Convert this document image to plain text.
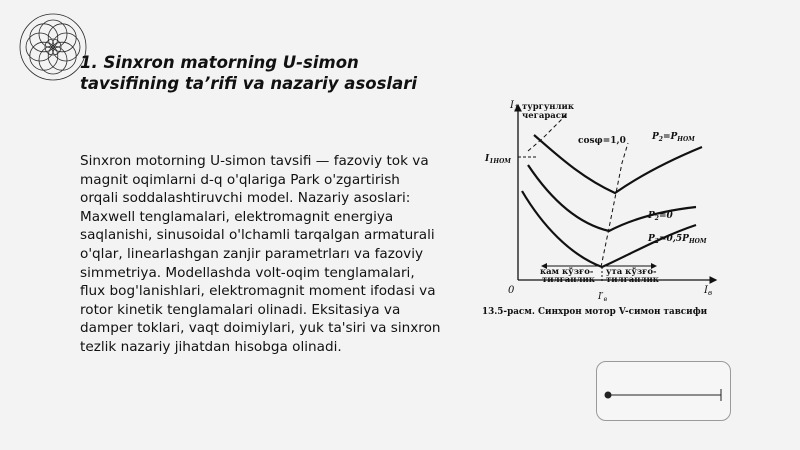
1. Sinxron matorning U-simon tavsifining ta’rifi va nazariy asoslari

Sinxron motorning U-simon tavsifi — fazoviy tok va magnit oqimlarni d-q o'qlariga Park o'zgartirish orqali soddalashtiruvchi model. Nazariy asoslari: Maxwell tenglamalari, elektromagnit energiya saqlanishi, sinusoidal o'lchamli tarqalgan armaturali o'qlar, linearlashgan zanjir parametrları va fazoviy simmetriya. Modellashda volt-oqim tenglamalari, flux bog'lanishlari, elektromagnit moment ifodasi va rotor kinetik tenglamalari olinadi. Eksitasiya va damper toklari, vaqt doimiylari, yuk ta'siri va sinxron tezlik nazariy jihatdan hisobga olinadi.

$I_1$
$I_в$
0
тургунлик
чегараси
cosφ=1,0
$I_{1НОМ}$
$P_2=P_{НОМ}$
$P_2=0$
$P_2=0,5P_{НОМ}$
кам кўзғо-
тилганлик
ута кўзғо-
тилганлик
$I'_в$
13.5-расм. Синхрон мотор V-симон тавсифи
